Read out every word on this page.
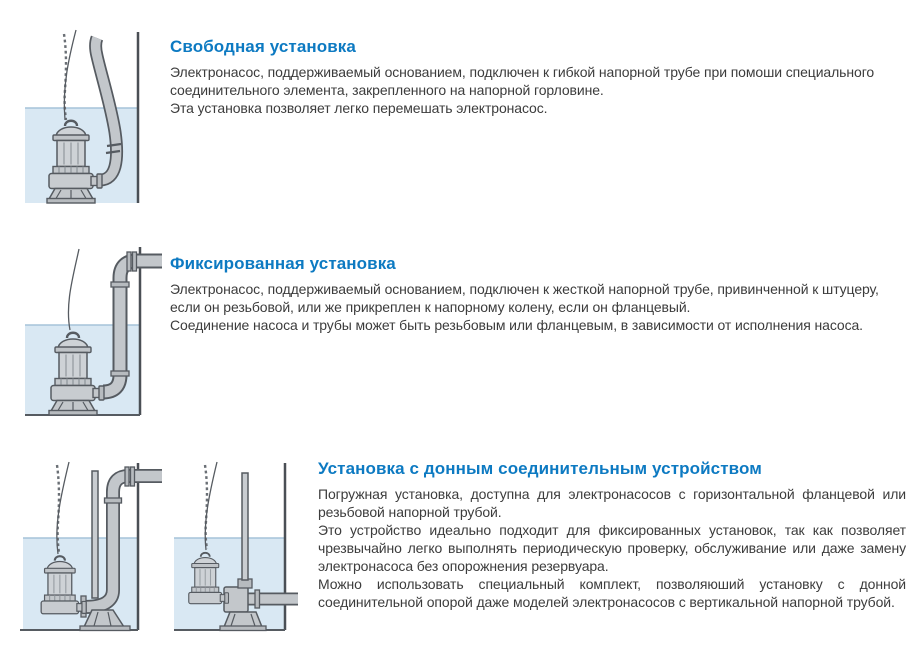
Свободная установка

Электронасос, поддерживаемый основанием, подключен к гибкой напорной трубе при помоши специального соединительного элемента, закрепленного на напорной горловине.

Эта установка позволяет легко перемешать электронасос.

Фиксированная установка

Электронасос, поддерживаемый основанием, подключен к жесткой напорной трубе, привинченной к штуцеру, если он резьбовой, или же прикреплен к напорному колену, если он фланцевый.

Соединение насоса и трубы может быть резьбовым или фланцевым, в зависимости от исполнения насоса.

Установка с донным соединительным устройством

Погружная установка, доступна для электронасосов с горизонтальной фланцевой или резьбовой напорной трубой.

Это устройство идеально подходит для фиксированных установок, так как позволяет чрезвычайно легко выполнять периодическую проверку, обслуживание или даже замену электронасоса без опорожнения резервуара.

Можно использовать специальный комплект, позволяюший установку с донной соединительной опорой даже моделей электронасосов с вертикальной напорной трубой.
